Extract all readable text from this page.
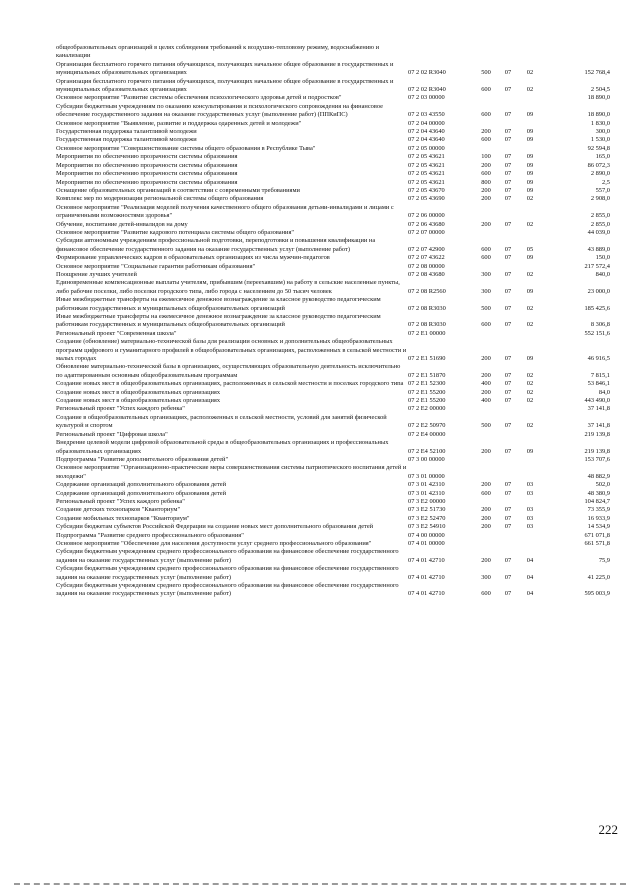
общеобразовательных организаций в целях соблюдения требований к воздушно-тепловому режиму, водоснабжению и канализации					
Организация бесплатного горячего питания обучающихся, получающих начальное общее образование в государственных и муниципальных образовательных организациях	07 2 02 R3040	500	07	02	152 768,4
Организация бесплатного горячего питания обучающихся, получающих начальное общее образование в государственных и муниципальных образовательных организациях	07 2 02 R3040	600	07	02	2 504,5
Основное мероприятие "Развитие системы обеспечения психологического здоровья детей и подростков"	07 2 03 00000				18 890,0
Субсидии бюджетным учреждениям по оказанию консультирования и психологического сопровождения на финансовое обеспечение государственного задания на оказание государственных услуг (выполнение работ) (ППКиПС)	07 2 03 43550	600	07	09	18 890,0
Основное мероприятие "Выявление, развитие и поддержка одаренных детей и молодежи"	07 2 04 00000				1 830,0
Государственная поддержка талантливой молодежи	07 2 04 43640	200	07	09	300,0
Государственная поддержка талантливой молодежи	07 2 04 43640	600	07	09	1 530,0
Основное мероприятие "Совершенствование системы общего образования в Республике Тыва"	07 2 05 00000				92 594,8
Мероприятия по обеспечению прозрачности системы образования	07 2 05 43621	100	07	09	165,0
Мероприятия по обеспечению прозрачности системы образования	07 2 05 43621	200	07	09	86 072,3
Мероприятия по обеспечению прозрачности системы образования	07 2 05 43621	600	07	09	2 890,0
Мероприятия по обеспечению прозрачности системы образования	07 2 05 43621	800	07	09	2,5
Оснащение образовательных организаций в соответствии с современными требованиями	07 2 05 43670	200	07	09	557,0
Комплекс мер по модернизации региональной системы общего образования	07 2 05 43690	200	07	02	2 908,0
Основное мероприятие "Реализация моделей получения качественного общего образования детьми-инвалидами и лицами с ограниченными возможностями здоровья"	07 2 06 00000				2 855,0
Обучение, воспитание детей-инвалидов на дому	07 2 06 43680	200	07	02	2 855,0
Основное мероприятие "Развитие кадрового потенциала системы общего образования"	07 2 07 00000				44 039,0
Субсидии автономным учреждениям профессиональной подготовки, переподготовки и повышения квалификации на финансовое обеспечение государственного задания на оказание государственных услуг (выполнение работ)	07 2 07 42900	600	07	05	43 889,0
Формирование управленческих кадров в образовательных организациях из числа мужчин-педагогов	07 2 07 43622	600	07	09	150,0
Основное мероприятие "Социальные гарантии работникам образования"	07 2 08 00000				217 572,4
Поощрение лучших учителей	07 2 08 43680	300	07	02	840,0
Единовременные компенсационные выплаты учителям, прибывшим (переехавшим) на работу в сельские населенные пункты, либо рабочие поселки, либо поселки городского типа, либо города с населением до 50 тысяч человек	07 2 08 R2560	300	07	09	23 000,0
Иные межбюджетные трансферты на ежемесячное денежное вознаграждение за классное руководство педагогическим работникам государственных и муниципальных общеобразовательных организаций	07 2 08 R3030	500	07	02	185 425,6
Иные межбюджетные трансферты на ежемесячное денежное вознаграждение за классное руководство педагогическим работникам государственных и муниципальных общеобразовательных организаций	07 2 08 R3030	600	07	02	8 306,8
Региональный проект "Современная школа"	07 2 E1 00000				552 151,6
Создание (обновление) материально-технической базы для реализации основных и дополнительных общеобразовательных программ цифрового и гуманитарного профилей в общеобразовательных организациях, расположенных в сельской местности и малых городах	07 2 E1 51690	200	07	09	46 916,5
Обновление материально-технической базы в организациях, осуществляющих образовательную деятельность исключительно по адаптированным основным общеобразовательным программам	07 2 E1 51870	200	07	02	7 815,1
Создание новых мест в общеобразовательных организациях, расположенных в сельской местности и поселках городского типа	07 2 E1 52300	400	07	02	53 846,1
Создание новых мест в общеобразовательных организациях	07 2 E1 55200	200	07	02	84,0
Создание новых мест в общеобразовательных организациях	07 2 E1 55200	400	07	02	443 490,0
Региональный проект "Успех каждого ребенка"	07 2 E2 00000				37 141,8
Создание в общеобразовательных организациях, расположенных в сельской местности, условий для занятий физической культурой и спортом	07 2 E2 50970	500	07	02	37 141,8
Региональный проект "Цифровая школа"	07 2 E4 00000				219 139,8
Внедрение целевой модели цифровой образовательной среды в общеобразовательных организациях и профессиональных образовательных организациях	07 2 E4 52100	200	07	09	219 139,8
Подпрограмма "Развитие дополнительного образования детей"	07 3 00 00000				153 707,6
Основное мероприятие "Организационно-практические меры совершенствования системы патриотического воспитания детей и молодежи"	07 3 01 00000				48 882,9
Содержание организаций дополнительного образования детей	07 3 01 42310	200	07	03	502,0
Содержание организаций дополнительного образования детей	07 3 01 42310	600	07	03	48 380,9
Региональный проект "Успех каждого ребенка"	07 3 E2 00000				104 824,7
Создание детских технопарков "Кванториум"	07 3 E2 51730	200	07	03	73 355,9
Создание мобильных технопарков "Кванториум"	07 3 E2 52470	200	07	03	16 933,9
Субсидии бюджетам субъектов Российской Федерации на создание новых мест дополнительного образования детей	07 3 E2 54910	200	07	03	14 534,9
Подпрограмма "Развитие среднего профессионального образования"	07 4 00 00000				671 071,8
Основное мероприятие "Обеспечение для населения доступности услуг среднего профессионального образования"	07 4 01 00000				661 571,8
Субсидии бюджетным учреждениям среднего профессионального образования на финансовое обеспечение государственного задания на оказание государственных услуг (выполнение работ)	07 4 01 42710	200	07	04	75,9
Субсидии бюджетным учреждениям среднего профессионального образования на финансовое обеспечение государственного задания на оказание государственных услуг (выполнение работ)	07 4 01 42710	300	07	04	41 225,0
Субсидии бюджетным учреждениям среднего профессионального образования на финансовое обеспечение государственного задания на оказание государственных услуг (выполнение работ)	07 4 01 42710	600	07	04	595 003,9
222
